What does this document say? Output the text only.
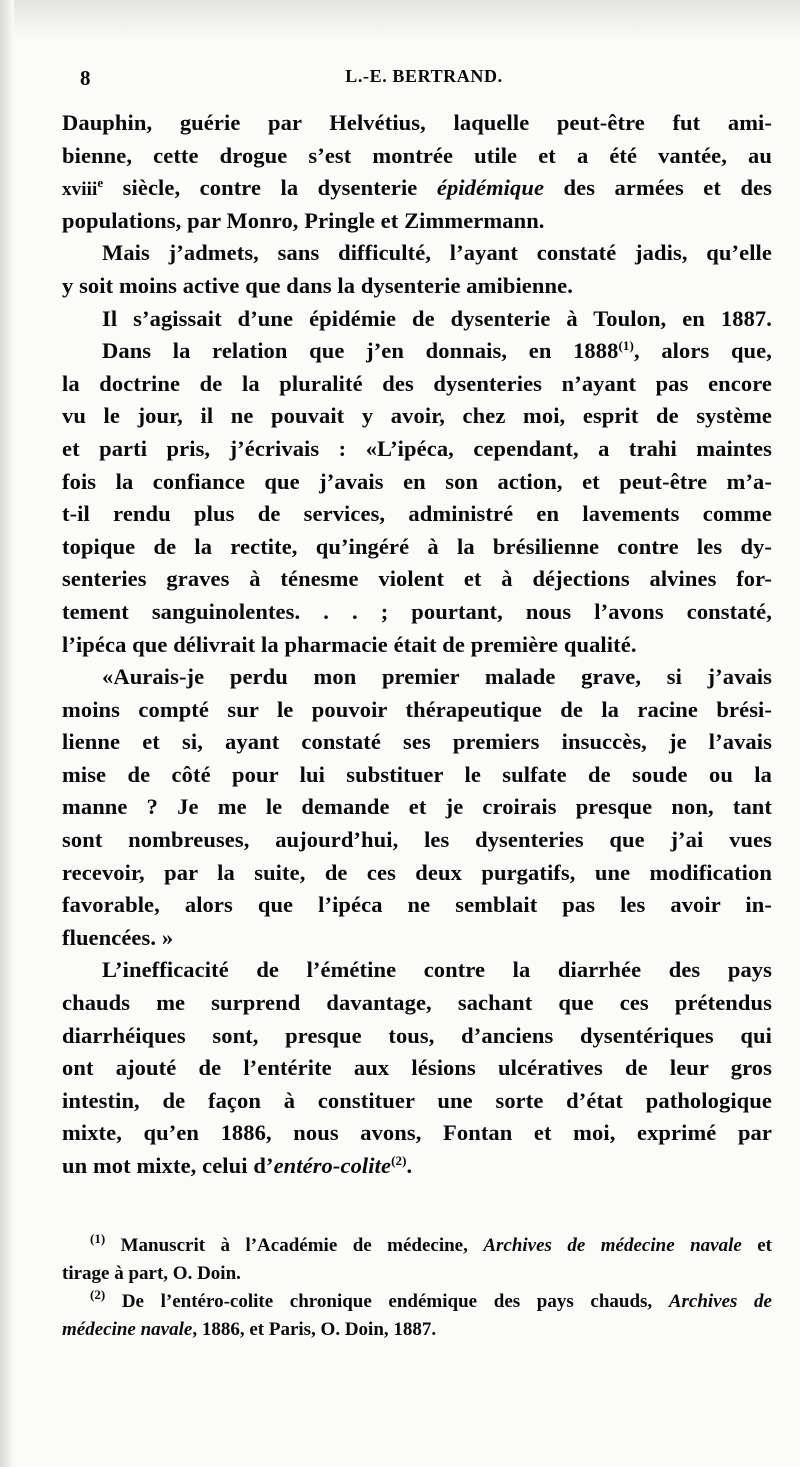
8	L.-E. BERTRAND.
Dauphin, guérie par Helvétius, laquelle peut-être fut ami-
bienne, cette drogue s’est montrée utile et a été vantée, au
xviii$^e$ siècle, contre la dysenterie épidémique des armées et des
populations, par Monro, Pringle et Zimmermann.
Mais j’admets, sans difficulté, l’ayant constaté jadis, qu’elle
y soit moins active que dans la dysenterie amibienne.
Il s’agissait d’une épidémie de dysenterie à Toulon, en 1887.
Dans la relation que j’en donnais, en 1888$^{(1)}$, alors que,
la doctrine de la pluralité des dysenteries n’ayant pas encore
vu le jour, il ne pouvait y avoir, chez moi, esprit de système
et parti pris, j’écrivais : «L’ipéca, cependant, a trahi maintes
fois la confiance que j’avais en son action, et peut-être m’a-
t-il rendu plus de services, administré en lavements comme
topique de la rectite, qu’ingéré à la brésilienne contre les dy-
senteries graves à ténesme violent et à déjections alvines for-
tement sanguinolentes. . . ; pourtant, nous l’avons constaté,
l’ipéca que délivrait la pharmacie était de première qualité.
«Aurais-je perdu mon premier malade grave, si j’avais
moins compté sur le pouvoir thérapeutique de la racine brési-
lienne et si, ayant constaté ses premiers insuccès, je l’avais
mise de côté pour lui substituer le sulfate de soude ou la
manne ? Je me le demande et je croirais presque non, tant
sont nombreuses, aujourd’hui, les dysenteries que j’ai vues
recevoir, par la suite, de ces deux purgatifs, une modification
favorable, alors que l’ipéca ne semblait pas les avoir in-
fluencées. »
L’inefficacité de l’émétine contre la diarrhée des pays
chauds me surprend davantage, sachant que ces prétendus
diarrhéiques sont, presque tous, d’anciens dysentériques qui
ont ajouté de l’entérite aux lésions ulcératives de leur gros
intestin, de façon à constituer une sorte d’état pathologique
mixte, qu’en 1886, nous avons, Fontan et moi, exprimé par
un mot mixte, celui d’entéro-colite$^{(2)}$.
$^{(1)}$ Manuscrit à l’Académie de médecine, Archives de médecine navale et
tirage à part, O. Doin.
$^{(2)}$ De l’entéro-colite chronique endémique des pays chauds, Archives de
médecine navale, 1886, et Paris, O. Doin, 1887.
